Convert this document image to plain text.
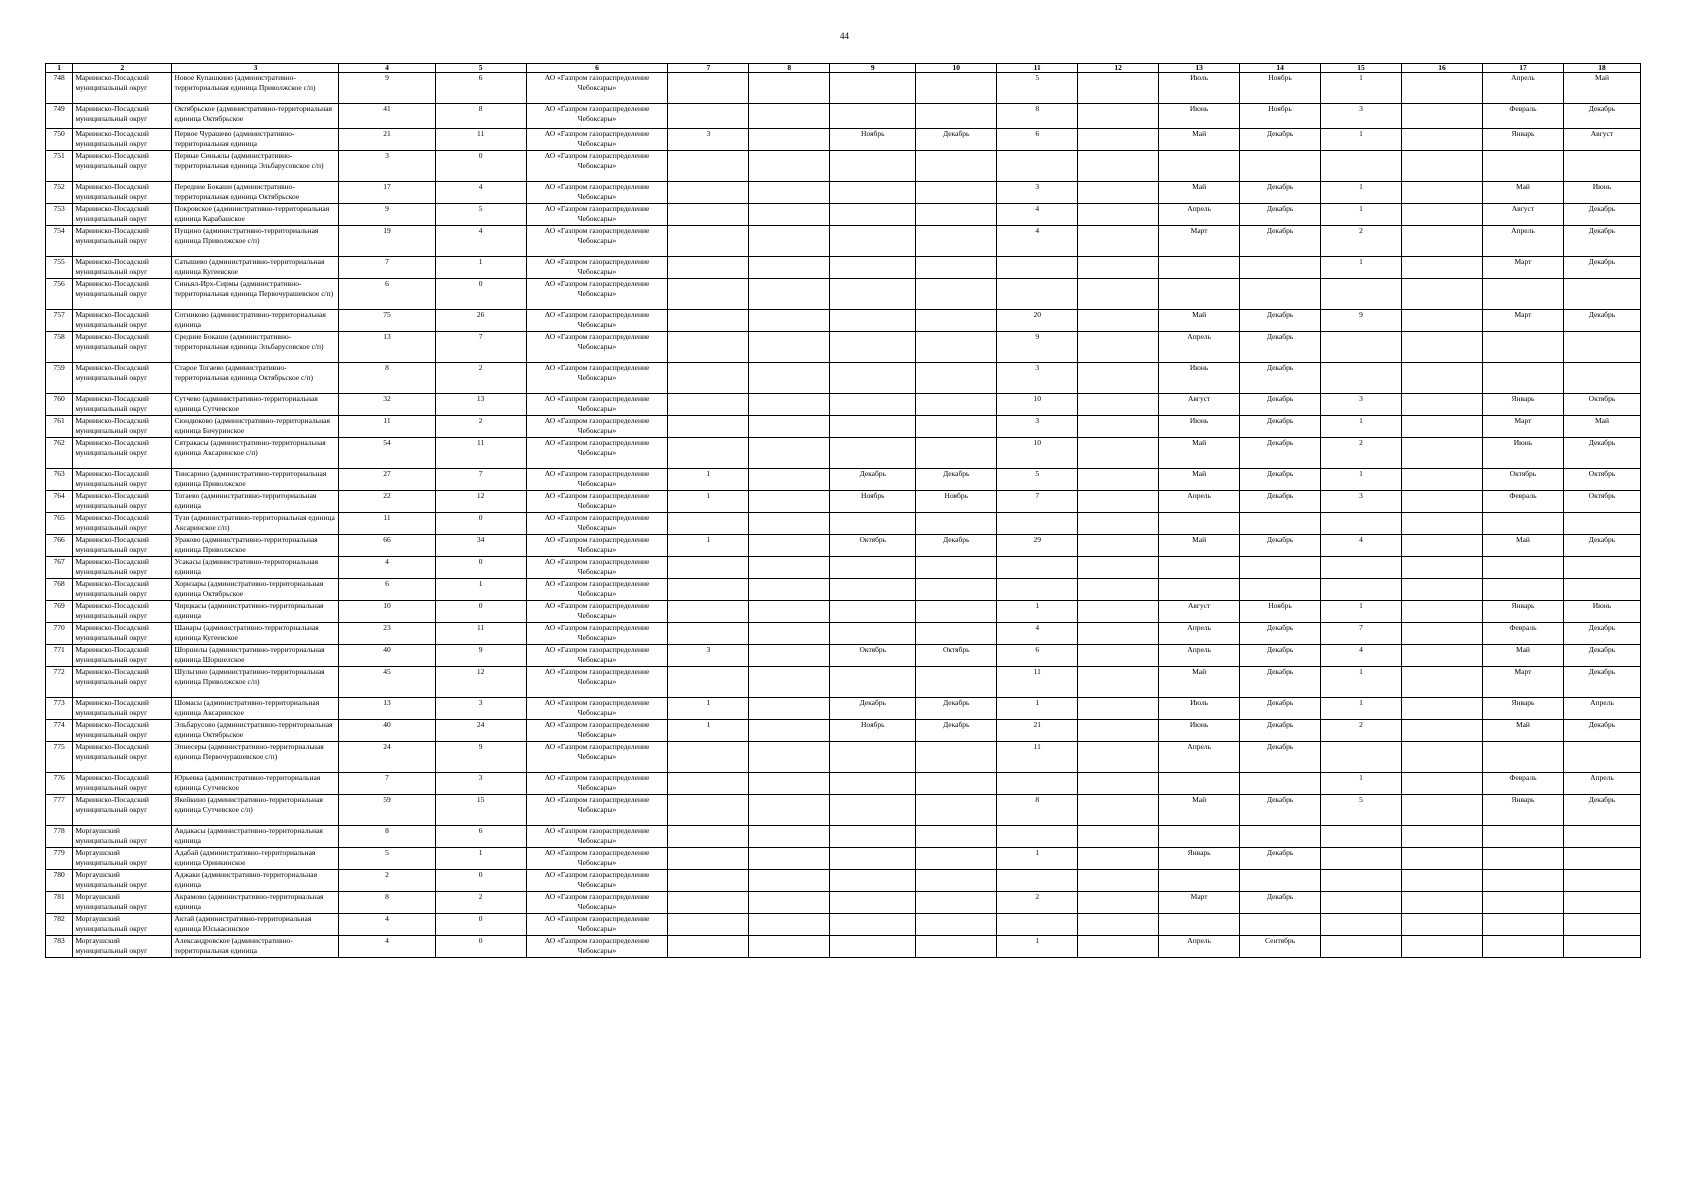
44
1	2	3	4	5	6	7	8	9	10	11	12	13	14	15	16	17	18
748	Мариинско-Посадский муниципальный округ	Новое Купашкино (административно-территориальная единица Приволжское с/п)	9	6	АО «Газпром газораспределение Чебоксары»					5		Июль	Ноябрь	1		Апрель	Май
749	Мариинско-Посадский муниципальный округ	Октябрьское (административно-территориальная единица Октябрьское	41	8	АО «Газпром газораспределение Чебоксары»					8		Июнь	Ноябрь	3		Февраль	Декабрь
750	Мариинско-Посадский муниципальный округ	Первое Чурашево (административно-территориальная единица	21	11	АО «Газпром газораспределение Чебоксары»	3		Ноябрь	Декабрь	6		Май	Декабрь	1		Январь	Август
751	Мариинско-Посадский муниципальный округ	Первые Синьялы (административно-территориальная единица Эльбарусовское с/п)	3	0	АО «Газпром газораспределение Чебоксары»												
752	Мариинско-Посадский муниципальный округ	Передние Бокаши (административно-территориальная единица Октябрьское	17	4	АО «Газпром газораспределение Чебоксары»					3		Май	Декабрь	1		Май	Июнь
753	Мариинско-Посадский муниципальный округ	Покровское (административно-территориальная единица Карабашское	9	5	АО «Газпром газораспределение Чебоксары»					4		Апрель	Декабрь	1		Август	Декабрь
754	Мариинско-Посадский муниципальный округ	Пущино (административно-территориальная единица Приволжское с/п)	19	4	АО «Газпром газораспределение Чебоксары»					4		Март	Декабрь	2		Апрель	Декабрь
755	Мариинско-Посадский муниципальный округ	Сатышево (административно-территориальная единица Кугеевское	7	1	АО «Газпром газораспределение Чебоксары»									1		Март	Декабрь
756	Мариинско-Посадский муниципальный округ	Синьял-Ирх-Сирмы (административно-территориальная единица Первочурашевское с/п)	6	0	АО «Газпром газораспределение Чебоксары»												
757	Мариинско-Посадский муниципальный округ	Сотниково (административно-территориальная единица	75	26	АО «Газпром газораспределение Чебоксары»					20		Май	Декабрь	9		Март	Декабрь
758	Мариинско-Посадский муниципальный округ	Средние Бокаши (административно-территориальная единица Эльбарусовское с/п)	13	7	АО «Газпром газораспределение Чебоксары»					9		Апрель	Декабрь				
759	Мариинско-Посадский муниципальный округ	Старое Тогаево (административно-территориальная единица Октябрьское с/п)	8	2	АО «Газпром газораспределение Чебоксары»					3		Июнь	Декабрь				
760	Мариинско-Посадский муниципальный округ	Сутчево (административно-территориальная единица Сутчевское	32	13	АО «Газпром газораспределение Чебоксары»					10		Август	Декабрь	3		Январь	Октябрь
761	Мариинско-Посадский муниципальный округ	Сюндюково (административно-территориальная единица Бичуринское	11	2	АО «Газпром газораспределение Чебоксары»					3		Июнь	Декабрь	1		Март	Май
762	Мариинско-Посадский муниципальный округ	Сятракасы (административно-территориальная единица Аксаринское с/п)	54	11	АО «Газпром газораспределение Чебоксары»					10		Май	Декабрь	2		Июнь	Декабрь
763	Мариинско-Посадский муниципальный округ	Тинсарино (административно-территориальная единица Приволжское	27	7	АО «Газпром газораспределение Чебоксары»	1		Декабрь	Декабрь	5		Май	Декабрь	1		Октябрь	Октябрь
764	Мариинско-Посадский муниципальный округ	Тогаево (административно-территориальная единица	22	12	АО «Газпром газораспределение Чебоксары»	1		Ноябрь	Ноябрь	7		Апрель	Декабрь	3		Февраль	Октябрь
765	Мариинско-Посадский муниципальный округ	Тузи (административно-территориальная единица Аксаринское с/п)	11	0	АО «Газпром газораспределение Чебоксары»												
766	Мариинско-Посадский муниципальный округ	Ураково (административно-территориальная единица Приволжское	66	34	АО «Газпром газораспределение Чебоксары»	1		Октябрь	Декабрь	29		Май	Декабрь	4		Май	Декабрь
767	Мариинско-Посадский муниципальный округ	Усакасы (административно-территориальная единица	4	0	АО «Газпром газораспределение Чебоксары»												
768	Мариинско-Посадский муниципальный округ	Хорнзары (административно-территориальная единица Октябрьское	6	1	АО «Газпром газораспределение Чебоксары»												
769	Мариинско-Посадский муниципальный округ	Чирцкасы (административно-территориальная единица	10	0	АО «Газпром газораспределение Чебоксары»					1		Август	Ноябрь	1		Январь	Июнь
770	Мариинско-Посадский муниципальный округ	Шанары (административно-территориальная единица Кугеевское	23	11	АО «Газпром газораспределение Чебоксары»					4		Апрель	Декабрь	7		Февраль	Декабрь
771	Мариинско-Посадский муниципальный округ	Шоршелы (административно-территориальная единица Шоршелское	40	9	АО «Газпром газораспределение Чебоксары»	3		Октябрь	Октябрь	6		Апрель	Декабрь	4		Май	Декабрь
772	Мариинско-Посадский муниципальный округ	Шульгино (административно-территориальная единица Приволжское с/п)	45	12	АО «Газпром газораспределение Чебоксары»					11		Май	Декабрь	1		Март	Декабрь
773	Мариинско-Посадский муниципальный округ	Шомасы (административно-территориальная единица Аксаринское	13	3	АО «Газпром газораспределение Чебоксары»	1		Декабрь	Декабрь	1		Июль	Декабрь	1		Январь	Апрель
774	Мариинско-Посадский муниципальный округ	Эльбарусово (административно-территориальная единица Октябрьское	40	24	АО «Газпром газораспределение Чебоксары»	1		Ноябрь	Декабрь	21		Июнь	Декабрь	2		Май	Декабрь
775	Мариинско-Посадский муниципальный округ	Эпнесеры (административно-территориальная единица Первочурашевское с/п)	24	9	АО «Газпром газораспределение Чебоксары»					11		Апрель	Декабрь				
776	Мариинско-Посадский муниципальный округ	Юрьевка (административно-территориальная единица Сутчевское	7	3	АО «Газпром газораспределение Чебоксары»									1		Февраль	Апрель
777	Мариинско-Посадский муниципальный округ	Якейкино (административно-территориальная единица Сутчевское с/п)	59	15	АО «Газпром газораспределение Чебоксары»					8		Май	Декабрь	5		Январь	Декабрь
778	Моргаушский муниципальный округ	Авдакасы (административно-территориальная единица	8	6	АО «Газпром газораспределение Чебоксары»												
779	Моргаушский муниципальный округ	Адабай (административно-территориальная единица Оринкинское	5	1	АО «Газпром газораспределение Чебоксары»					1		Январь	Декабрь				
780	Моргаушский муниципальный округ	Аджаки (административно-территориальная единица	2	0	АО «Газпром газораспределение Чебоксары»												
781	Моргаушский муниципальный округ	Акрамово (административно-территориальная единица	8	2	АО «Газпром газораспределение Чебоксары»					2		Март	Декабрь				
782	Моргаушский муниципальный округ	Актай (административно-территориальная единица Юськасинское	4	0	АО «Газпром газораспределение Чебоксары»												
783	Моргаушский муниципальный округ	Александровское (административно-территориальная единица	4	0	АО «Газпром газораспределение Чебоксары»					1		Апрель	Сентябрь				
